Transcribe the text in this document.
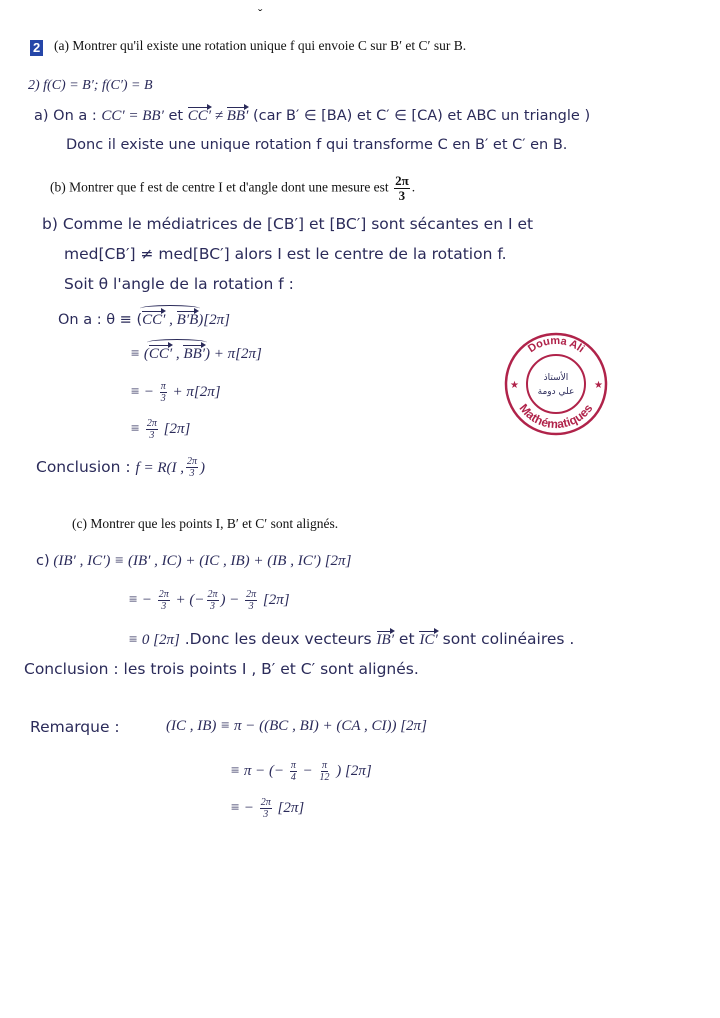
ˇ
2 (a) Montrer qu'il existe une rotation unique f qui envoie C sur B′ et C′ sur B.
2) f(C) = B′; f(C′) = B
a) On a : CC′ = BB′ et CC′ ≠ BB′ (car B′ ∈ [BA) et C′ ∈ [CA) et ABC un triangle )
Donc il existe une unique rotation f qui transforme C en B′ et C′ en B.
(b) Montrer que f est de centre I et d'angle dont une mesure est $\frac{2\pi}{3}$ .
b) Comme le médiatrices de [CB′] et [BC′] sont sécantes en I et
med[CB′] ≠ med[BC′] alors I est le centre de la rotation f.
Soit θ l'angle de la rotation f :
On a : θ ≡ (CC′ , B′B)[2π]
≡ (CC′ , BB′) + π[2π]
≡ − $\frac{\pi}{3} + \pi[2\pi]$
≡ $\frac{2\pi}{3} [2\pi]$
Conclusion : f = R(I , $\frac{2\pi}{3}$ )
Douma Ali
Mathématiques
الأستاذ
علي دومة
★	★
(c) Montrer que les points I, B′ et C′ sont alignés.
c) (IB′ , IC′) ≡ (IB′ , IC) + (IC , IB) + (IB , IC′) [2π]
≡ − $\frac{2\pi}{3}$ + (− $\frac{2\pi}{3}$ ) − $\frac{2\pi}{3} [2\pi]$
≡ 0 [2π] .Donc les deux vecteurs IB′ et IC′ sont colinéaires .
Conclusion : les trois points I , B′ et C′ sont alignés.
Remarque :	(IC , IB) ≡ π − ((BC , BI) + (CA , CI)) [2π]
≡ π − (− $\frac{\pi}{4} - \frac{\pi}{12}$ ) [2π]
≡ − $\frac{2\pi}{3} [2\pi]$
